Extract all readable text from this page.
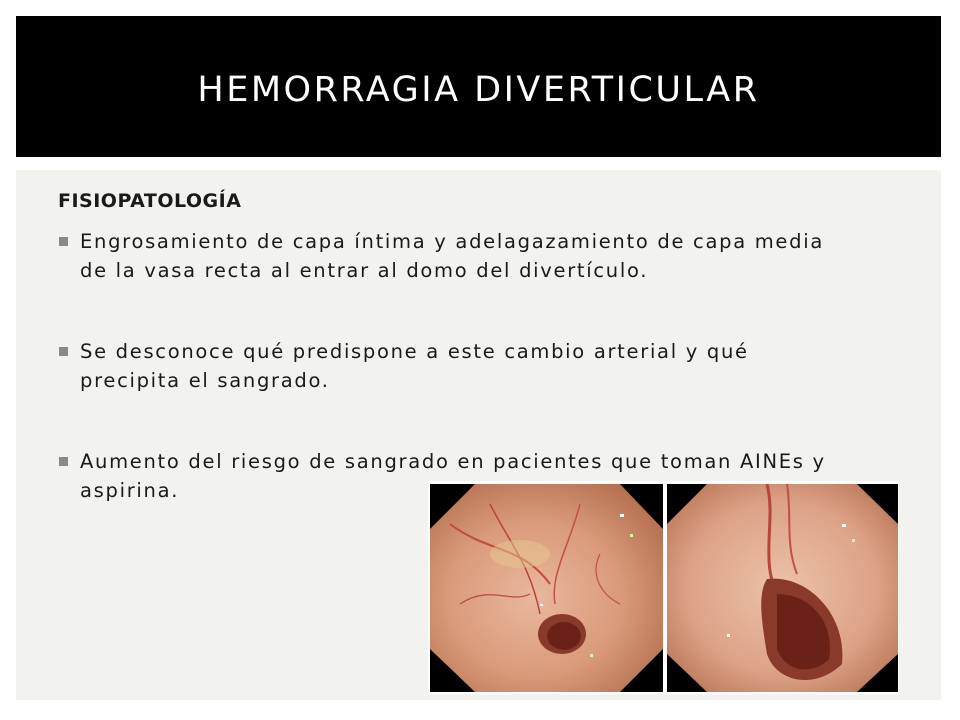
HEMORRAGIA DIVERTICULAR
FISIOPATOLOGÍA
Engrosamiento de capa íntima y adelagazamiento de capa media de la vasa recta al entrar al domo del divertículo.
Se desconoce qué predispone a este cambio arterial y qué precipita el sangrado.
Aumento del riesgo de sangrado en pacientes que toman AINEs y aspirina.
